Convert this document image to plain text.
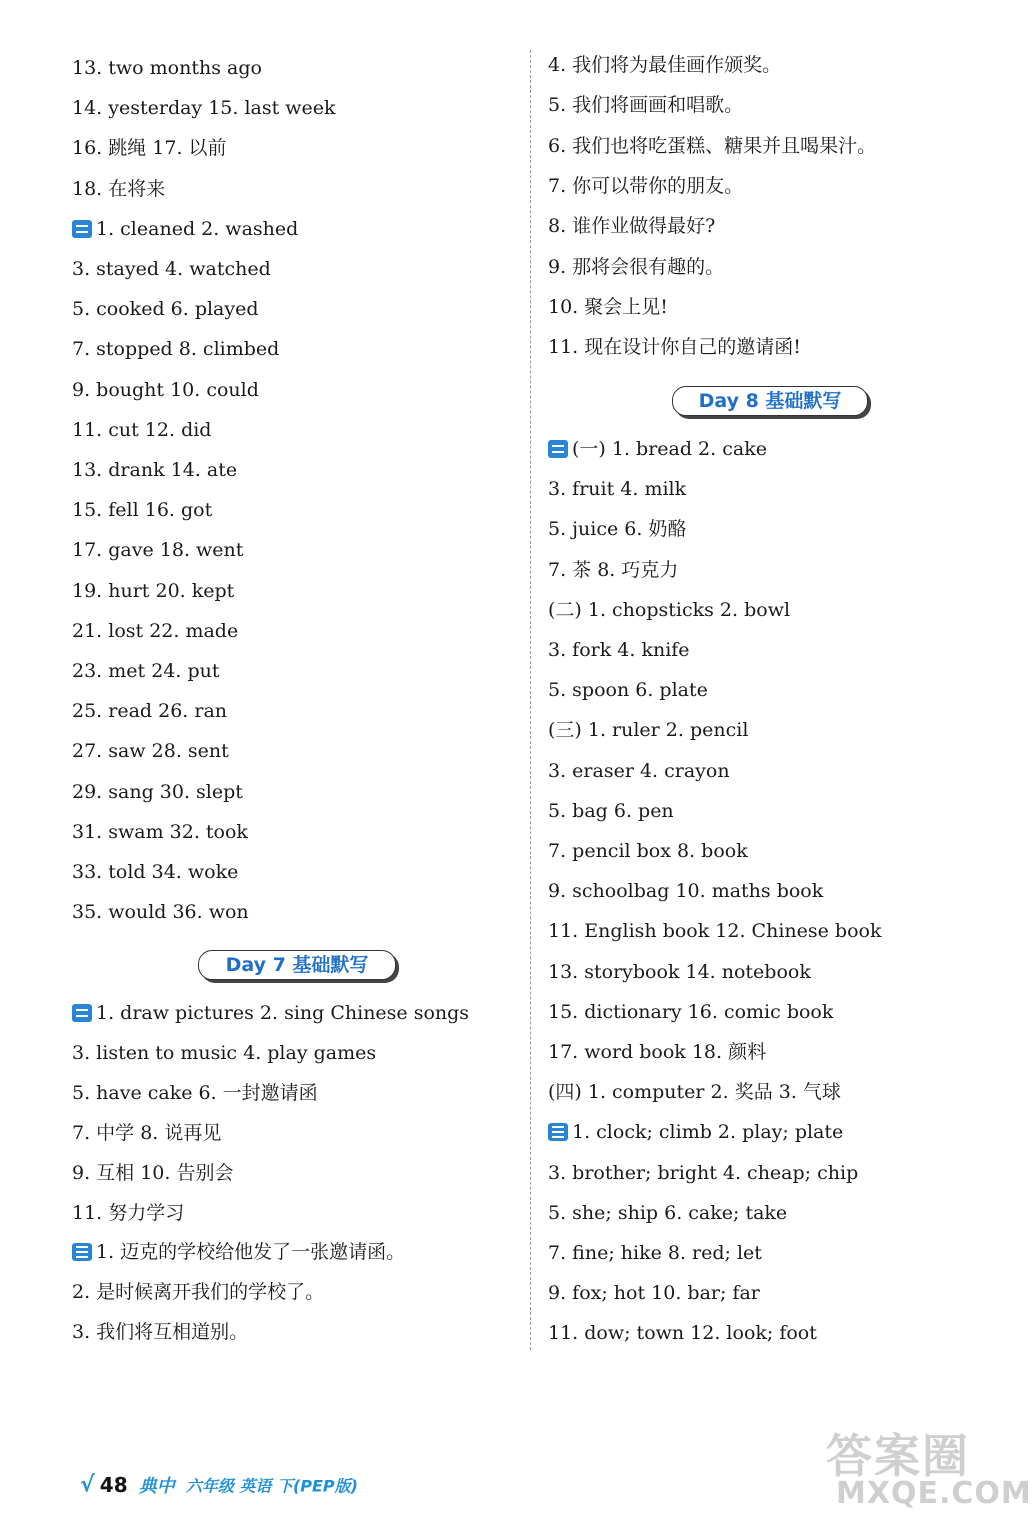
13. two months ago
14. yesterday 15. last week
16. 跳绳 17. 以前
18. 在将来
1. cleaned 2. washed
3. stayed 4. watched
5. cooked 6. played
7. stopped 8. climbed
9. bought 10. could
11. cut 12. did
13. drank 14. ate
15. fell 16. got
17. gave 18. went
19. hurt 20. kept
21. lost 22. made
23. met 24. put
25. read 26. ran
27. saw 28. sent
29. sang 30. slept
31. swam 32. took
33. told 34. woke
35. would 36. won
Day 7 基础默写
1. draw pictures 2. sing Chinese songs
3. listen to music 4. play games
5. have cake 6. 一封邀请函
7. 中学 8. 说再见
9. 互相 10. 告别会
11. 努力学习
1. 迈克的学校给他发了一张邀请函。
2. 是时候离开我们的学校了。
3. 我们将互相道别。
4. 我们将为最佳画作颁奖。
5. 我们将画画和唱歌。
6. 我们也将吃蛋糕、糖果并且喝果汁。
7. 你可以带你的朋友。
8. 谁作业做得最好?
9. 那将会很有趣的。
10. 聚会上见!
11. 现在设计你自己的邀请函!
Day 8 基础默写
(一) 1. bread 2. cake
3. fruit 4. milk
5. juice 6. 奶酪
7. 茶 8. 巧克力
(二) 1. chopsticks 2. bowl
3. fork 4. knife
5. spoon 6. plate
(三) 1. ruler 2. pencil
3. eraser 4. crayon
5. bag 6. pen
7. pencil box 8. book
9. schoolbag 10. maths book
11. English book 12. Chinese book
13. storybook 14. notebook
15. dictionary 16. comic book
17. word book 18. 颜料
(四) 1. computer 2. 奖品 3. 气球
1. clock; climb 2. play; plate
3. brother; bright 4. cheap; chip
5. she; ship 6. cake; take
7. fine; hike 8. red; let
9. fox; hot 10. bar; far
11. dow; town 12. look; foot
√ 48 典中 六年级 英语 下(PEP版)
答案圈
MXQE.COM
